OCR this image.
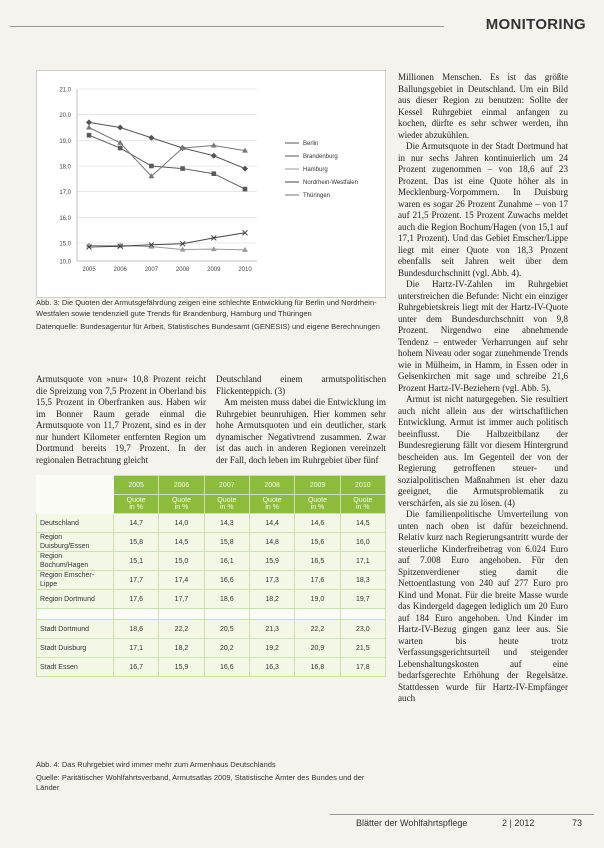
MONITORING
21,0
20,0
19,0
18,0
17,0
16,0
15,0
10,0
2005	2006	2007	2008	2009	2010
Berlin
Brandenburg
Hamburg
Nordrhein-Westfalen
Thüringen
Abb. 3: Die Quoten der Armutsgefährdung zeigen eine schlechte Entwicklung für Berlin und Nordrhein-Westfalen sowie tendenziell gute Trends für Brandenburg, Hamburg und Thüringen
Datenquelle: Bundesagentur für Arbeit, Statistisches Bundesamt (GENESIS) und eigene Berechnungen

Armutsquote von »nur« 10,8 Prozent reicht die Spreizung von 7,5 Prozent in Oberland bis 15,5 Prozent in Oberfranken aus. Haben wir im Bonner Raum gerade einmal die Armutsquote von 11,7 Prozent, sind es in der nur hundert Kilometer entfernten Region um Dortmund bereits 19,7 Prozent. In der regionalen Betrachtung gleicht

Deutschland einem armutspolitischen Flickenteppich. (3)

Am meisten muss dabei die Entwicklung im Ruhrgebiet beunruhigen. Hier kommen sehr hohe Armutsquoten und ein deutlicher, stark dynamischer Negativtrend zusammen. Zwar ist das auch in anderen Regionen vereinzelt der Fall, doch leben im Ruhrgebiet über fünf

Millionen Menschen. Es ist das größte Ballungsgebiet in Deutschland. Um ein Bild aus dieser Region zu benutzen: Sollte der Kessel Ruhrgebiet einmal anfangen zu kochen, dürfte es sehr schwer werden, ihn wieder abzukühlen.

Die Armutsquote in der Stadt Dortmund hat in nur sechs Jahren kontinuierlich um 24 Prozent zugenommen – von 18,6 auf 23 Prozent. Das ist eine Quote höher als in Mecklenburg-Vorpommern. In Duisburg waren es sogar 26 Prozent Zunahme – von 17 auf 21,5 Prozent. 15 Prozent Zuwachs meldet auch die Region Bochum/Hagen (von 15,1 auf 17,1 Prozent). Und das Gebiet Emscher/Lippe liegt mit einer Quote von 18,3 Prozent ebenfalls seit Jahren weit über dem Bundesdurchschnitt (vgl. Abb. 4).

Die Hartz-IV-Zahlen im Ruhrgebiet unterstreichen die Befunde: Nicht ein einziger Ruhrgebietskreis liegt mit der Hartz-IV-Quote unter dem Bundesdurchschnitt von 9,8 Prozent. Nirgendwo eine abnehmende Tendenz – entweder Verharrungen auf sehr hohem Niveau oder sogar zunehmende Trends wie in Mülheim, in Hamm, in Essen oder in Gelsenkirchen mit sage und schreibe 21,6 Prozent Hartz-IV-Beziehern (vgl. Abb. 5).

Armut ist nicht naturgegeben. Sie resultiert auch nicht allein aus der wirtschaftlichen Entwicklung. Armut ist immer auch politisch beeinflusst. Die Halbzeitbilanz der Bundesregierung fällt vor diesem Hintergrund bescheiden aus. Im Gegenteil der von der Regierung getroffenen steuer- und sozialpolitischen Maßnahmen ist eher dazu geeignet, die Armutsproblematik zu verschärfen, als sie zu lösen. (4)

Die familienpolitische Umverteilung von unten nach oben ist dafür bezeichnend. Relativ kurz nach Regierungsantritt wurde der steuerliche Kinderfreibetrag von 6.024 Euro auf 7.008 Euro angehoben. Für den Spitzenverdiener stieg damit die Nettoentlastung von 240 auf 277 Euro pro Kind und Monat. Für die breite Masse wurde das Kindergeld dagegen lediglich um 20 Euro auf 184 Euro angehoben. Und Kinder im Hartz-IV-Bezug gingen ganz leer aus. Sie warten bis heute trotz Verfassungsgerichtsurteil und steigender Lebenshaltungskosten auf eine bedarfsgerechte Erhöhung der Regelsätze. Stattdessen wurde für Hartz-IV-Empfänger auch

	2005	2006	2007	2008	2009	2010
	Quote
in %	Quote
in %	Quote
in %	Quote
in %	Quote
in %	Quote
in %
Deutschland	14,7	14,0	14,3	14,4	14,6	14,5
Region Duisburg/Essen	15,8	14,5	15,8	14,8	15,6	16,0
Region Bochum/Hagen	15,1	15,0	16,1	15,9	16,5	17,1
Region Emscher-Lippe	17,7	17,4	16,6	17,3	17,6	18,3
Region Dortmund	17,6	17,7	18,6	18,2	19,0	19,7

Stadt Dortmund	18,6	22,2	20,5	21,3	22,2	23,0
Stadt Duisburg	17,1	18,2	20,2	19,2	20,9	21,5
Stadt Essen	16,7	15,9	16,6	16,3	16,8	17,8
Abb. 4: Das Ruhrgebiet wird immer mehr zum Armenhaus Deutschlands
Quelle: Paritätischer Wohlfahrtsverband, Armutsatlas 2009, Statistische Ämter des Bundes und der Länder
Blätter der Wohlfahrtspflege	2 | 2012	73
